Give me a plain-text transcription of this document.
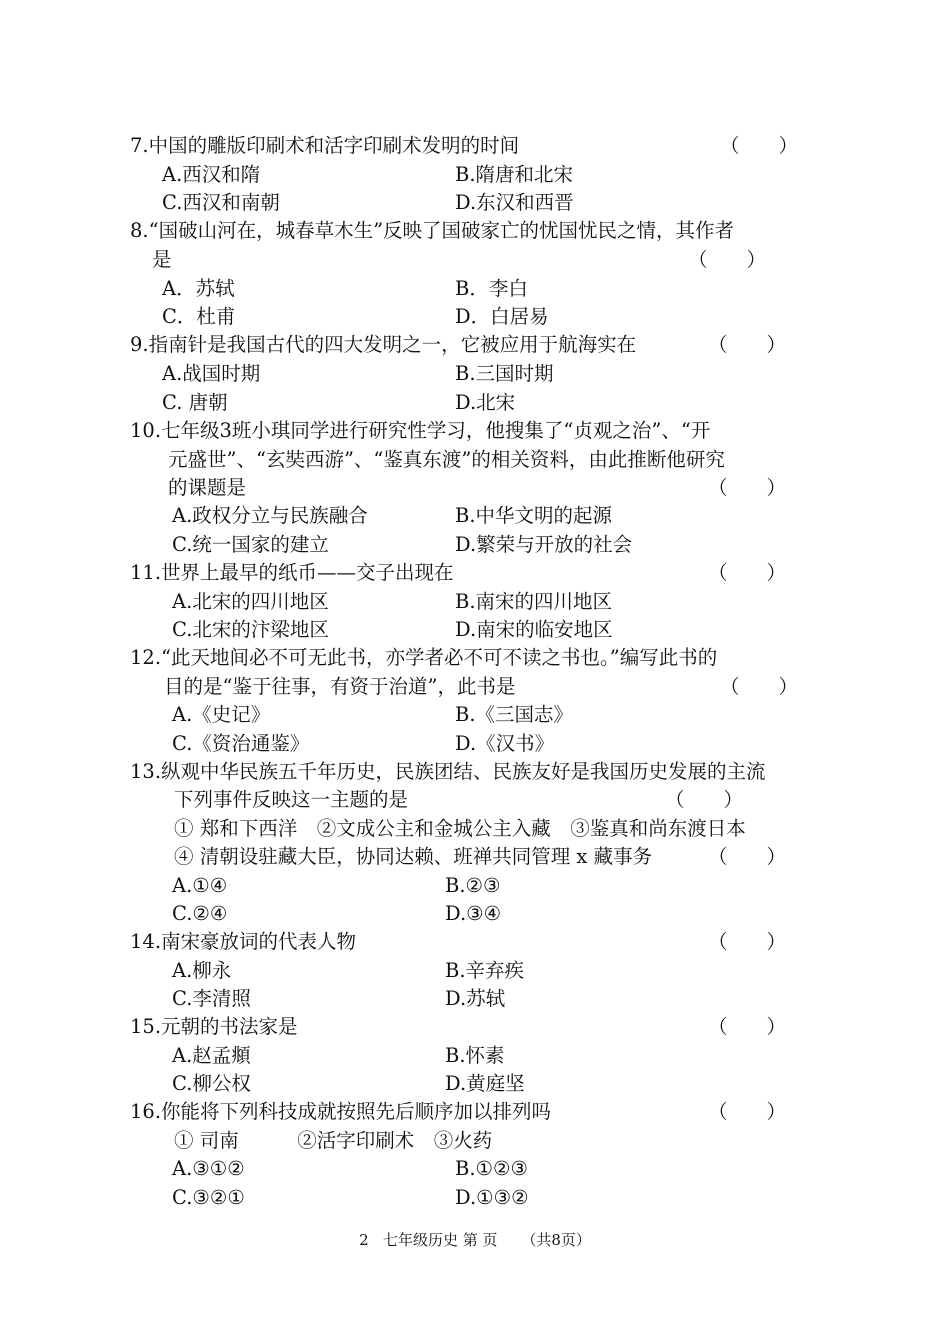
7.中国的雕版印刷术和活字印刷术发明的时间	（　　）
A.西汉和隋	B.隋唐和北宋
C.西汉和南朝	D.东汉和西晋
8.“国破山河在，城春草木生”反映了国破家亡的忧国忧民之情，其作者
是	（　　）
A．苏轼	B．李白
C．杜甫	D．白居易
9.指南针是我国古代的四大发明之一，它被应用于航海实在	（　　）
A.战国时期	B.三国时期
C. 唐朝	D.北宋
10.七年级3班小琪同学进行研究性学习，他搜集了“贞观之治”、“开
元盛世”、“玄奘西游”、“鉴真东渡”的相关资料，由此推断他研究
的课题是	（　　）
A.政权分立与民族融合	B.中华文明的起源
C.统一国家的建立	D.繁荣与开放的社会
11.世界上最早的纸币——交子出现在	（　　）
A.北宋的四川地区	B.南宋的四川地区
C.北宋的汴梁地区	D.南宋的临安地区
12.“此天地间必不可无此书，亦学者必不可不读之书也。”编写此书的
目的是“鉴于往事，有资于治道”，此书是	（　　）
A.《史记》	B.《三国志》
C.《资治通鉴》	D.《汉书》
13.纵观中华民族五千年历史，民族团结、民族友好是我国历史发展的主流
下列事件反映这一主题的是	（　　）
① 郑和下西洋　②文成公主和金城公主入藏　③鉴真和尚东渡日本
④ 清朝设驻藏大臣，协同达赖、班禅共同管理 x 藏事务	（　　）
A.①④	B.②③
C.②④	D.③④
14.南宋豪放词的代表人物	（　　）
A.柳永	B.辛弃疾
C.李清照	D.苏轼
15.元朝的书法家是	（　　）
A.赵孟頫	B.怀素
C.柳公权	D.黄庭坚
16.你能将下列科技成就按照先后顺序加以排列吗	（　　）
① 司南　　　②活字印刷术　③火药
A.③①②	B.①②③
C.③②①	D.①③②
2 七年级历史 第 页 （共8页）
